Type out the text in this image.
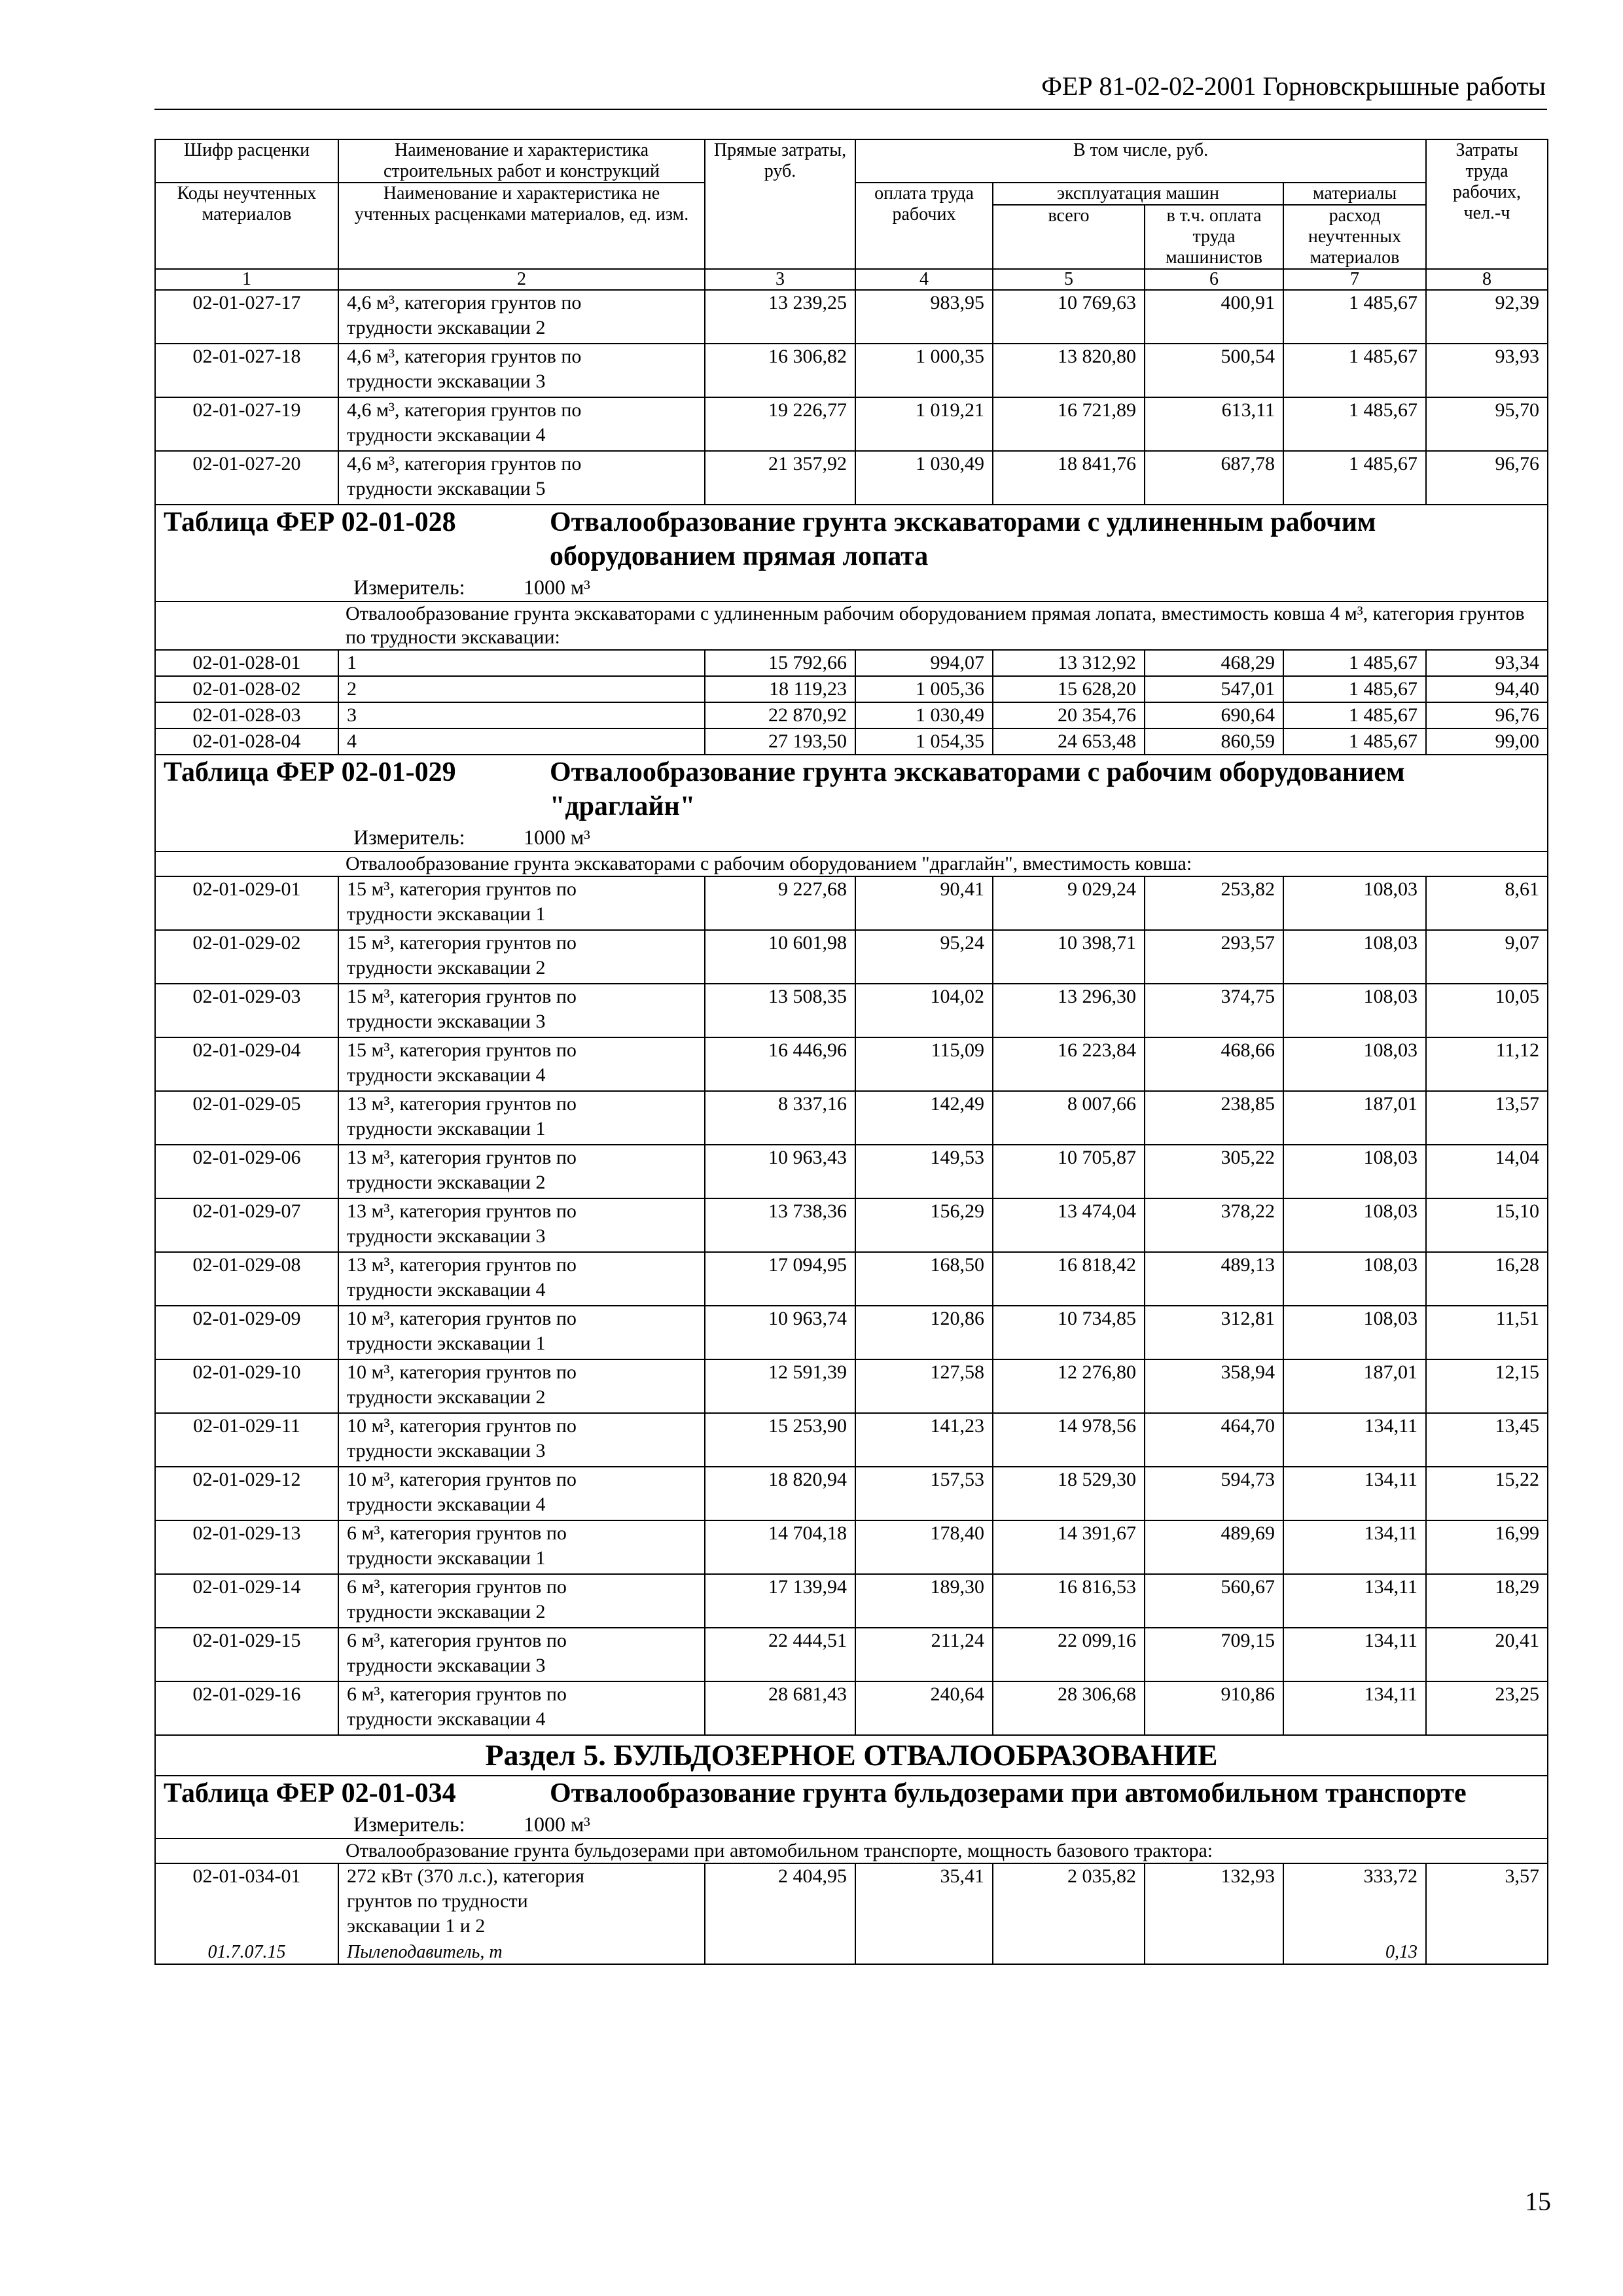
ФЕР 81-02-02-2001 Горновскрышные работы
Шифр расценки	Наименование и характеристика строительных работ и конструкций	Прямые затраты, руб.	В том числе, руб.				Затраты труда рабочих, чел.-ч
Коды неучтенных материалов	Наименование и характеристика не учтенных расценками материалов, ед. изм.		оплата труда рабочих	эксплуатация машин		материалы	
				всего	в т.ч. оплата труда машинистов	расход неучтенных материалов	
1	2	3	4	5	6	7	8
02-01-027-17	4,6 м³, категория грунтов по
трудности экскавации 2	13 239,25	983,95	10 769,63	400,91	1 485,67	92,39
02-01-027-18	4,6 м³, категория грунтов по
трудности экскавации 3	16 306,82	1 000,35	13 820,80	500,54	1 485,67	93,93
02-01-027-19	4,6 м³, категория грунтов по
трудности экскавации 4	19 226,77	1 019,21	16 721,89	613,11	1 485,67	95,70
02-01-027-20	4,6 м³, категория грунтов по
трудности экскавации 5	21 357,92	1 030,49	18 841,76	687,78	1 485,67	96,76
Таблица ФЕР 02-01-028 Отвалообразование грунта экскаваторами с удлиненным рабочим оборудованием прямая лопата							
Измеритель: 1000 м³							
Отвалообразование грунта экскаваторами с удлиненным рабочим оборудованием прямая лопата, вместимость ковша 4 м³, категория грунтов по трудности экскавации:							
02-01-028-01	1	15 792,66	994,07	13 312,92	468,29	1 485,67	93,34
02-01-028-02	2	18 119,23	1 005,36	15 628,20	547,01	1 485,67	94,40
02-01-028-03	3	22 870,92	1 030,49	20 354,76	690,64	1 485,67	96,76
02-01-028-04	4	27 193,50	1 054,35	24 653,48	860,59	1 485,67	99,00
Таблица ФЕР 02-01-029 Отвалообразование грунта экскаваторами с рабочим оборудованием "драглайн"							
Измеритель: 1000 м³							
Отвалообразование грунта экскаваторами с рабочим оборудованием "драглайн", вместимость ковша:							
02-01-029-01	15 м³, категория грунтов по
трудности экскавации 1	9 227,68	90,41	9 029,24	253,82	108,03	8,61
02-01-029-02	15 м³, категория грунтов по
трудности экскавации 2	10 601,98	95,24	10 398,71	293,57	108,03	9,07
02-01-029-03	15 м³, категория грунтов по
трудности экскавации 3	13 508,35	104,02	13 296,30	374,75	108,03	10,05
02-01-029-04	15 м³, категория грунтов по
трудности экскавации 4	16 446,96	115,09	16 223,84	468,66	108,03	11,12
02-01-029-05	13 м³, категория грунтов по
трудности экскавации 1	8 337,16	142,49	8 007,66	238,85	187,01	13,57
02-01-029-06	13 м³, категория грунтов по
трудности экскавации 2	10 963,43	149,53	10 705,87	305,22	108,03	14,04
02-01-029-07	13 м³, категория грунтов по
трудности экскавации 3	13 738,36	156,29	13 474,04	378,22	108,03	15,10
02-01-029-08	13 м³, категория грунтов по
трудности экскавации 4	17 094,95	168,50	16 818,42	489,13	108,03	16,28
02-01-029-09	10 м³, категория грунтов по
трудности экскавации 1	10 963,74	120,86	10 734,85	312,81	108,03	11,51
02-01-029-10	10 м³, категория грунтов по
трудности экскавации 2	12 591,39	127,58	12 276,80	358,94	187,01	12,15
02-01-029-11	10 м³, категория грунтов по
трудности экскавации 3	15 253,90	141,23	14 978,56	464,70	134,11	13,45
02-01-029-12	10 м³, категория грунтов по
трудности экскавации 4	18 820,94	157,53	18 529,30	594,73	134,11	15,22
02-01-029-13	6 м³, категория грунтов по
трудности экскавации 1	14 704,18	178,40	14 391,67	489,69	134,11	16,99
02-01-029-14	6 м³, категория грунтов по
трудности экскавации 2	17 139,94	189,30	16 816,53	560,67	134,11	18,29
02-01-029-15	6 м³, категория грунтов по
трудности экскавации 3	22 444,51	211,24	22 099,16	709,15	134,11	20,41
02-01-029-16	6 м³, категория грунтов по
трудности экскавации 4	28 681,43	240,64	28 306,68	910,86	134,11	23,25
Раздел 5. БУЛЬДОЗЕРНОЕ ОТВАЛООБРАЗОВАНИЕ							
Таблица ФЕР 02-01-034 Отвалообразование грунта бульдозерами при автомобильном транспорте							
Измеритель: 1000 м³							
Отвалообразование грунта бульдозерами при автомобильном транспорте, мощность базового трактора:							
02-01-034-01	272 кВт (370 л.с.), категория
грунтов по трудности
экскавации 1 и 2	2 404,95	35,41	2 035,82	132,93	333,72	3,57
01.7.07.15	Пылеподавитель, т					0,13	
15
